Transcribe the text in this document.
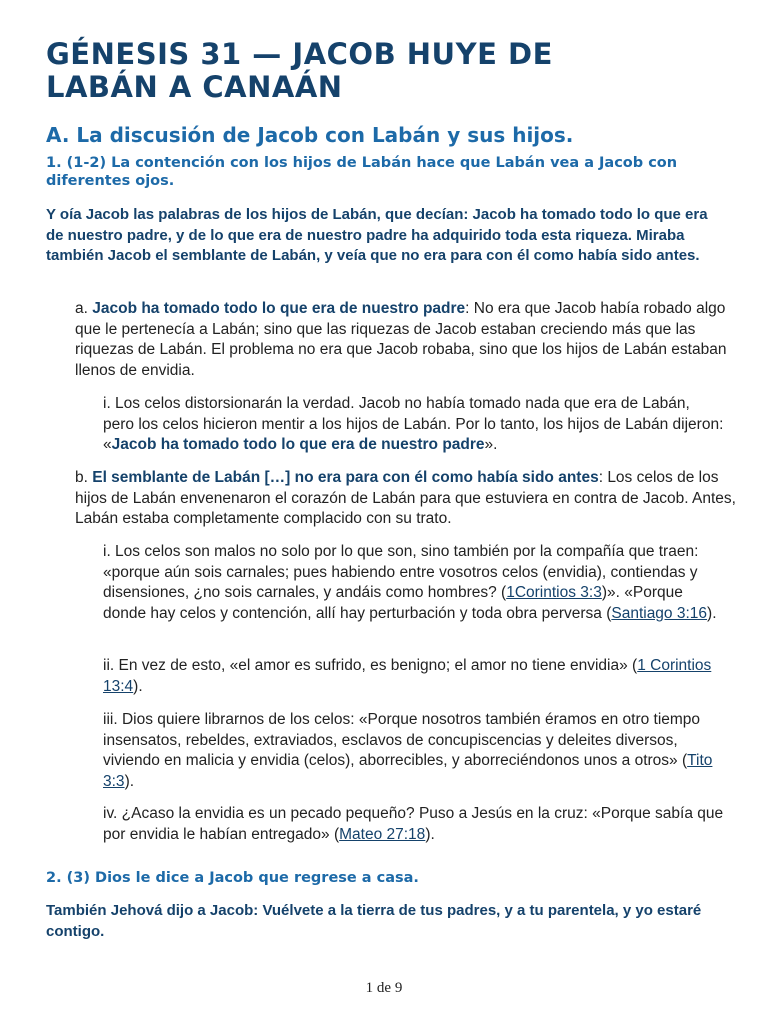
GÉNESIS 31 — JACOB HUYE DE
LABÁN A CANAÁN
A. La discusión de Jacob con Labán y sus hijos.
1. (1-2) La contención con los hijos de Labán hace que Labán vea a Jacob con diferentes ojos.

Y oía Jacob las palabras de los hijos de Labán, que decían: Jacob ha tomado todo lo que era de nuestro padre, y de lo que era de nuestro padre ha adquirido toda esta riqueza. Miraba también Jacob el semblante de Labán, y veía que no era para con él como había sido antes.

a. Jacob ha tomado todo lo que era de nuestro padre: No era que Jacob había robado algo que le pertenecía a Labán; sino que las riquezas de Jacob estaban creciendo más que las riquezas de Labán. El problema no era que Jacob robaba, sino que los hijos de Labán estaban llenos de envidia.

i. Los celos distorsionarán la verdad. Jacob no había tomado nada que era de Labán, pero los celos hicieron mentir a los hijos de Labán. Por lo tanto, los hijos de Labán dijeron: «Jacob ha tomado todo lo que era de nuestro padre».

b. El semblante de Labán […] no era para con él como había sido antes: Los celos de los hijos de Labán envenenaron el corazón de Labán para que estuviera en contra de Jacob. Antes, Labán estaba completamente complacido con su trato.

i. Los celos son malos no solo por lo que son, sino también por la compañía que traen: «porque aún sois carnales; pues habiendo entre vosotros celos (envidia), contiendas y disensiones, ¿no sois carnales, y andáis como hombres? (1Corintios 3:3)». «Porque donde hay celos y contención, allí hay perturbación y toda obra perversa (Santiago 3:16).

ii. En vez de esto, «el amor es sufrido, es benigno; el amor no tiene envidia» (1 Corintios 13:4).

iii. Dios quiere librarnos de los celos: «Porque nosotros también éramos en otro tiempo insensatos, rebeldes, extraviados, esclavos de concupiscencias y deleites diversos, viviendo en malicia y envidia (celos), aborrecibles, y aborreciéndonos unos a otros» (Tito 3:3).

iv. ¿Acaso la envidia es un pecado pequeño? Puso a Jesús en la cruz: «Porque sabía que por envidia le habían entregado» (Mateo 27:18).

2. (3) Dios le dice a Jacob que regrese a casa.

También Jehová dijo a Jacob: Vuélvete a la tierra de tus padres, y a tu parentela, y yo estaré contigo.

1 de 9
